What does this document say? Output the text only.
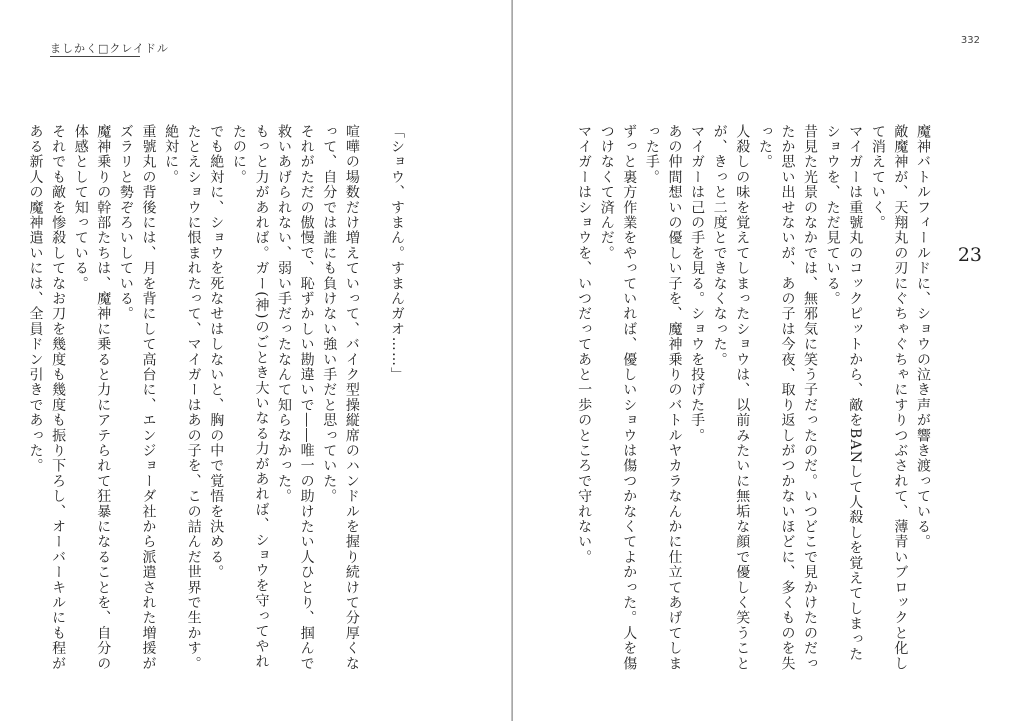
ましかく□クレイドル

「ショウ、すまん。すまんガオ……」

喧嘩の場数だけ増えていって、バイク型操縦席のハンドルを握り続けて分厚くなって、自分では誰にも負けない強い手だと思っていた。

それがただの傲慢で、恥ずかしい勘違いで――唯一の助けたい人ひとり、掴んで救いあげられない、弱い手だったなんて知らなかった。

もっと力があれば。ガー(神)のごとき大いなる力があれば、ショウを守ってやれたのに。

でも絶対に、ショウを死なせはしないと、胸の中で覚悟を決める。

たとえショウに恨まれたって、マイガーはあの子を、この詰んだ世界で生かす。絶対に。

重號丸の背後には、月を背にして高台に、エンジョーダ社から派遣された増援がズラリと勢ぞろいしている。

魔神乗りの幹部たちは、魔神に乗ると力にアテられて狂暴になることを、自分の体感として知っている。

それでも敵を惨殺してなお刀を幾度も幾度も振り下ろし、オーバーキルにも程がある新人の魔神遣いには、全員ドン引きであった。

332
23

魔神バトルフィールドに、ショウの泣き声が響き渡っている。

敵魔神が、天翔丸の刃にぐちゃぐちゃにすりつぶされて、薄青いブロックと化して消えていく。

マイガーは重號丸のコックピットから、敵をBANして人殺しを覚えてしまったショウを、ただ見ている。

昔見た光景のなかでは、無邪気に笑う子だったのだ。いつどこで見かけたのだったか思い出せないが、あの子は今夜、取り返しがつかないほどに、多くものを失った。

人殺しの味を覚えてしまったショウは、以前みたいに無垢な顔で優しく笑うことが、きっと二度とできなくなった。

マイガーは己の手を見る。ショウを投げた手。

あの仲間想いの優しい子を、魔神乗りのバトルヤカラなんかに仕立てあげてしまった手。

ずっと裏方作業をやっていれば、優しいショウは傷つかなくてよかった。人を傷つけなくて済んだ。

マイガーはショウを、いつだってあと一歩のところで守れない。
